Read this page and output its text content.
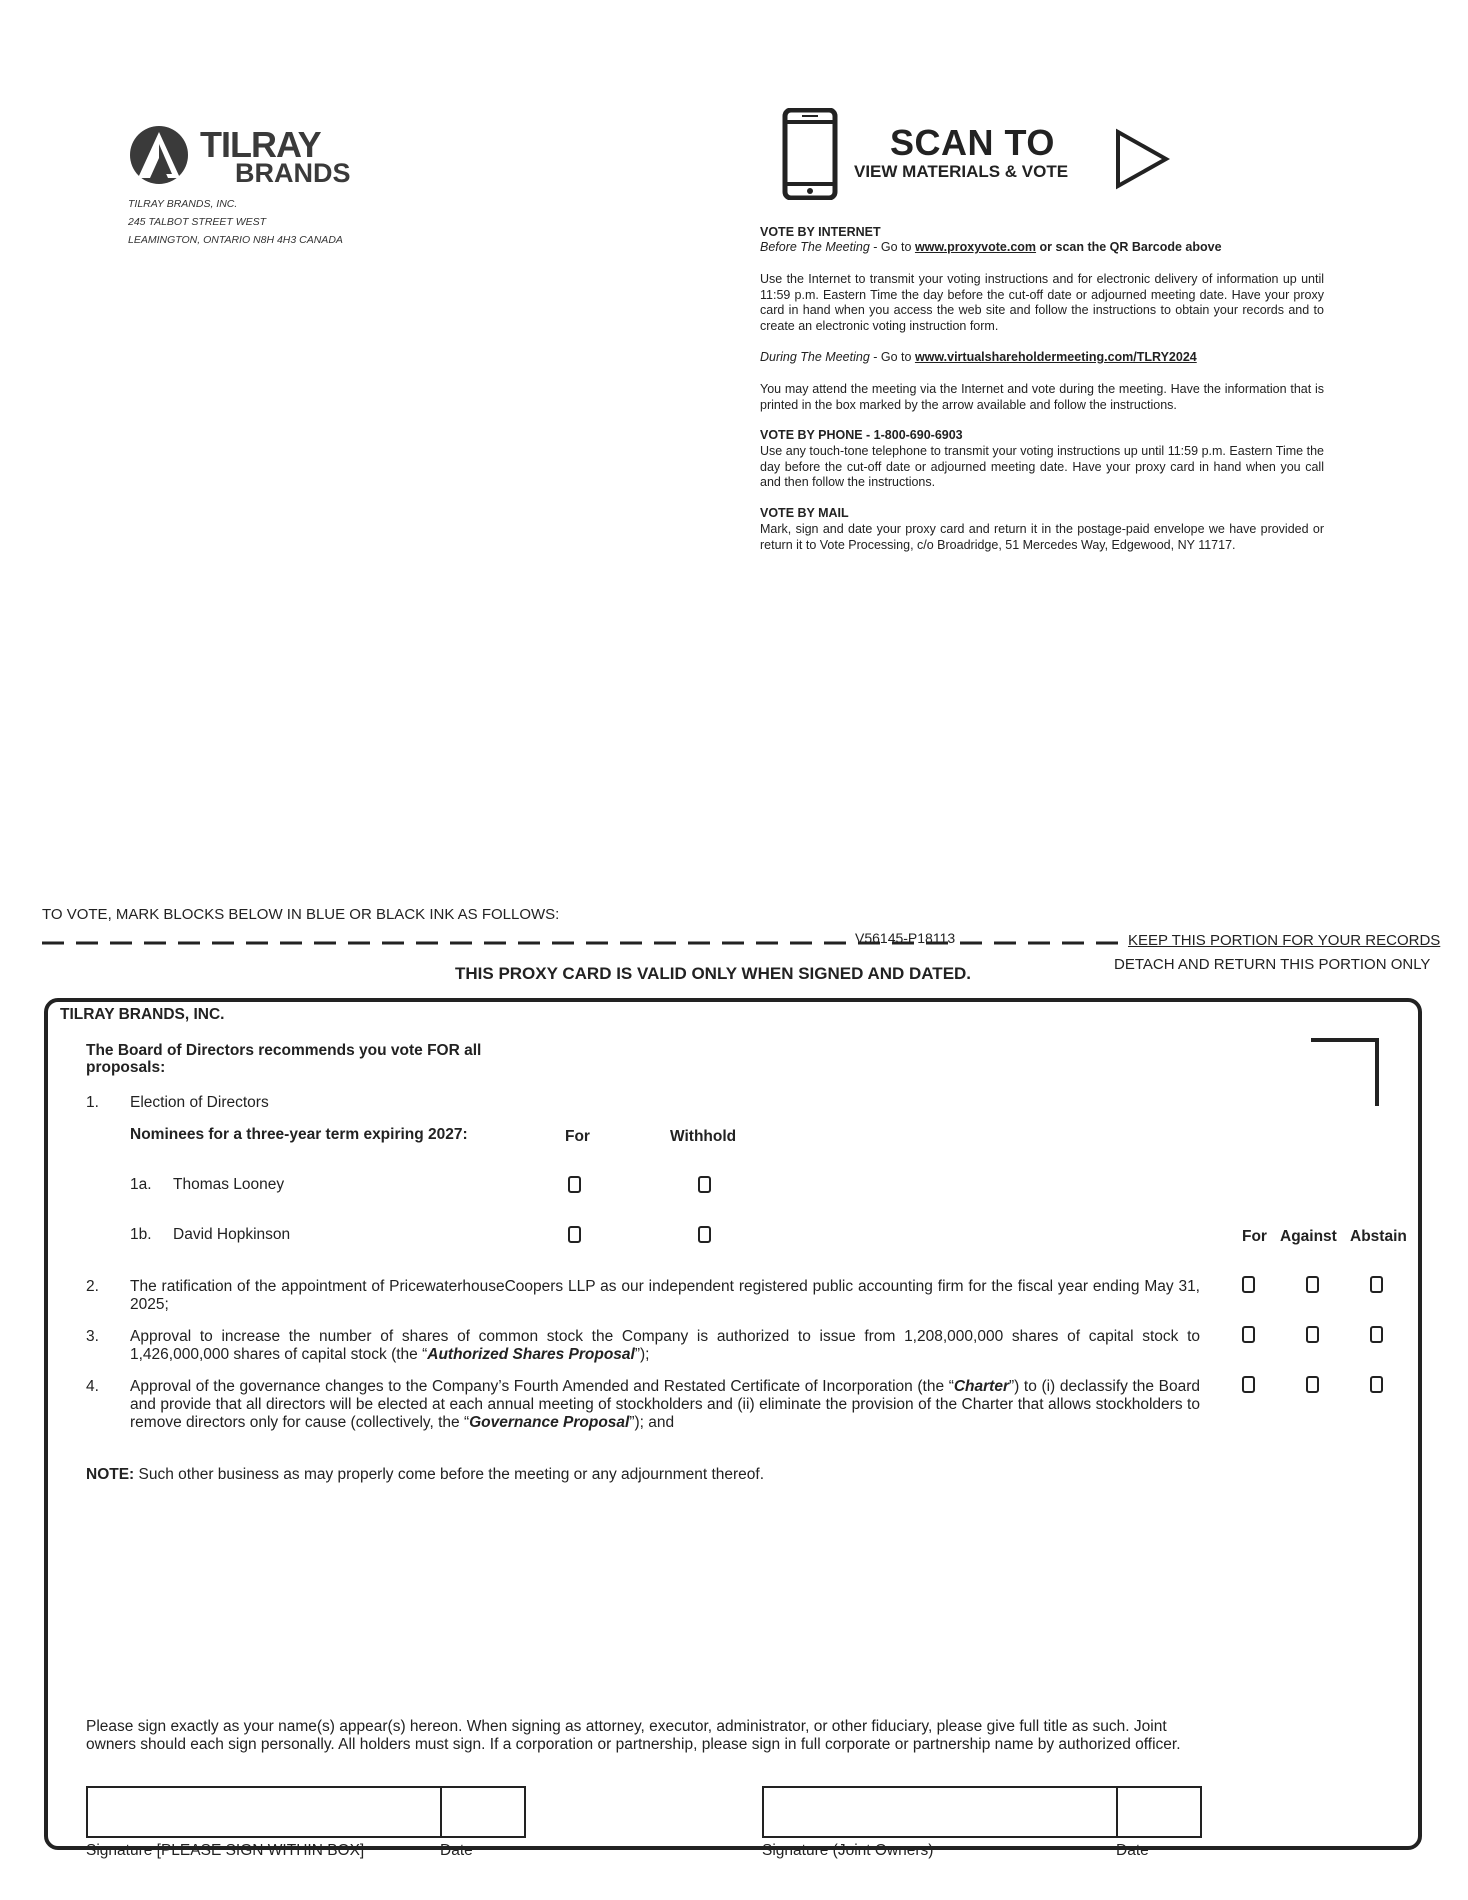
TILRAY
BRANDS
TILRAY BRANDS, INC.
245 TALBOT STREET WEST
LEAMINGTON, ONTARIO N8H 4H3 CANADA
SCAN TO
VIEW MATERIALS & VOTE
VOTE BY INTERNET
Before The Meeting - Go to www.proxyvote.com or scan the QR Barcode above
Use the Internet to transmit your voting instructions and for electronic delivery of information up until 11:59 p.m. Eastern Time the day before the cut-off date or adjourned meeting date. Have your proxy card in hand when you access the web site and follow the instructions to obtain your records and to create an electronic voting instruction form.
During The Meeting - Go to www.virtualshareholdermeeting.com/TLRY2024
You may attend the meeting via the Internet and vote during the meeting. Have the information that is printed in the box marked by the arrow available and follow the instructions.
VOTE BY PHONE - 1-800-690-6903
Use any touch-tone telephone to transmit your voting instructions up until 11:59 p.m. Eastern Time the day before the cut-off date or adjourned meeting date. Have your proxy card in hand when you call and then follow the instructions.
VOTE BY MAIL
Mark, sign and date your proxy card and return it in the postage-paid envelope we have provided or return it to Vote Processing, c/o Broadridge, 51 Mercedes Way, Edgewood, NY 11717.
TO VOTE, MARK BLOCKS BELOW IN BLUE OR BLACK INK AS FOLLOWS:
V56145-P18113	KEEP THIS PORTION FOR YOUR RECORDS
DETACH AND RETURN THIS PORTION ONLY
THIS PROXY CARD IS VALID ONLY WHEN SIGNED AND DATED.
TILRAY BRANDS, INC.
The Board of Directors recommends you vote FOR all proposals:
1. Election of Directors
Nominees for a three-year term expiring 2027:	For	Withhold
1a. Thomas Looney
1b. David Hopkinson	For Against Abstain
2. The ratification of the appointment of PricewaterhouseCoopers LLP as our independent registered public accounting firm for the fiscal year ending May 31, 2025;
3. Approval to increase the number of shares of common stock the Company is authorized to issue from 1,208,000,000 shares of capital stock to 1,426,000,000 shares of capital stock (the “Authorized Shares Proposal”);
4. Approval of the governance changes to the Company’s Fourth Amended and Restated Certificate of Incorporation (the “Charter”) to (i) declassify the Board and provide that all directors will be elected at each annual meeting of stockholders and (ii) eliminate the provision of the Charter that allows stockholders to remove directors only for cause (collectively, the “Governance Proposal”); and
NOTE: Such other business as may properly come before the meeting or any adjournment thereof.
Please sign exactly as your name(s) appear(s) hereon. When signing as attorney, executor, administrator, or other fiduciary, please give full title as such. Joint owners should each sign personally. All holders must sign. If a corporation or partnership, please sign in full corporate or partnership name by authorized officer.
Signature [PLEASE SIGN WITHIN BOX]	Date	Signature (Joint Owners)	Date
